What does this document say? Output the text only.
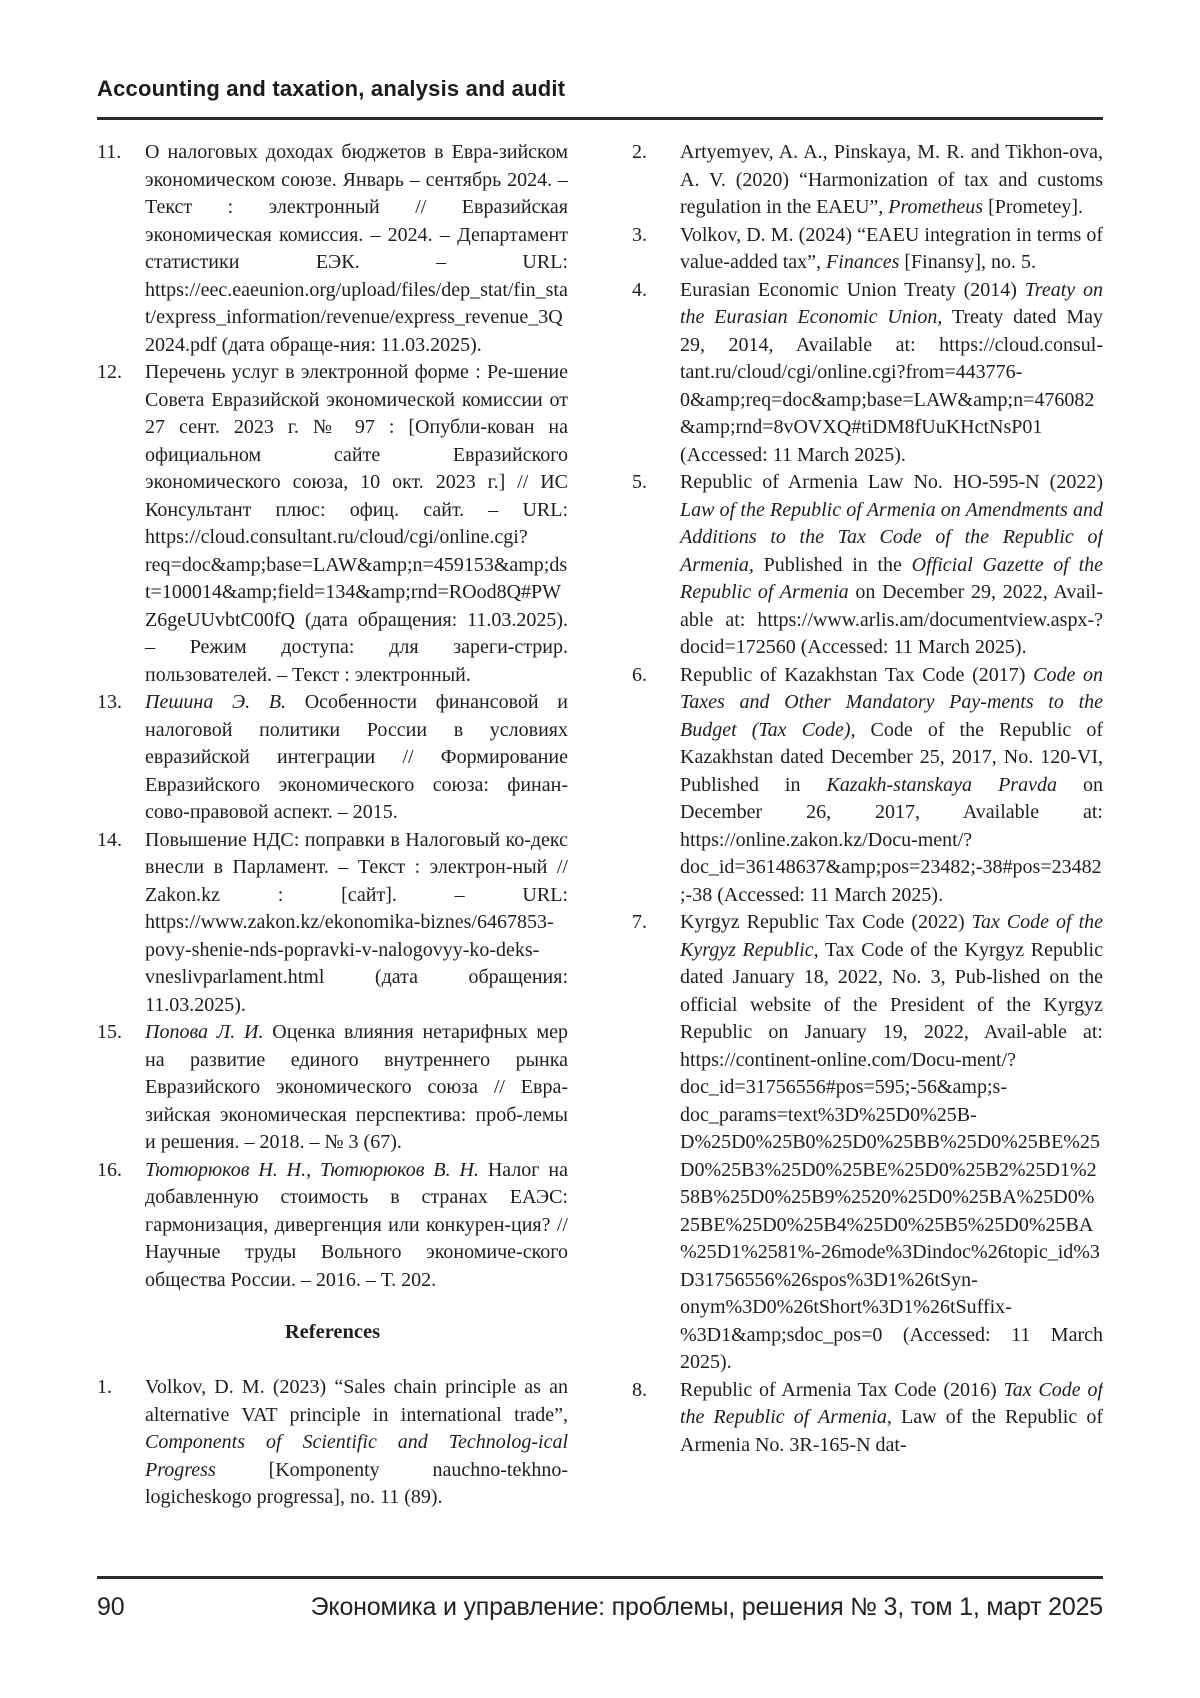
Accounting and taxation, analysis and audit
11.	О налоговых доходах бюджетов в Евра-зийском экономическом союзе. Январь – сентябрь 2024. – Текст : электронный // Евразийская экономическая комиссия. – 2024. – Департамент статистики ЕЭК. – URL: https://eec.eaeunion.org/upload/files/dep_stat/fin_stat/express_information/revenue/express_revenue_3Q2024.pdf (дата обраще-ния: 11.03.2025).
12.	Перечень услуг в электронной форме : Ре-шение Совета Евразийской экономической комиссии от 27 сент. 2023 г. № 97 : [Опубли-кован на официальном сайте Евразийского экономического союза, 10 окт. 2023 г.] // ИС Консультант плюс: офиц. сайт. – URL: https://cloud.consultant.ru/cloud/cgi/online.cgi?req=doc&amp;base=LAW&amp;n=459153&amp;dst=100014&amp;field=134&amp;rnd=ROod8Q#PWZ6geUUvbtC00fQ (дата обращения: 11.03.2025). – Режим доступа: для зареги-стрир. пользователей. – Текст : электронный.
13.	Пешина Э. В. Особенности финансовой и налоговой политики России в условиях евразийской интеграции // Формирование Евразийского экономического союза: финан-сово-правовой аспект. – 2015.
14.	Повышение НДС: поправки в Налоговый ко-декс внесли в Парламент. – Текст : электрон-ный // Zakon.kz : [сайт]. – URL: https://www.zakon.kz/ekonomika-biznes/6467853-povy-shenie-nds-popravki-v-nalogovyy-ko-deks-vneslivparlament.html (дата обращения: 11.03.2025).
15.	Попова Л. И. Оценка влияния нетарифных мер на развитие единого внутреннего рынка Евразийского экономического союза // Евра-зийская экономическая перспектива: проб-лемы и решения. – 2018. – № 3 (67).
16.	Тютюрюков Н. Н., Тютюрюков В. Н. Налог на добавленную стоимость в странах ЕАЭС: гармонизация, дивергенция или конкурен-ция? // Научные труды Вольного экономиче-ского общества России. – 2016. – Т. 202.
References
1.	Volkov, D. M. (2023) “Sales chain principle as an alternative VAT principle in international trade”, Components of Scientific and Technolog-ical Progress [Komponenty nauchno-tekhno-logicheskogo progressa], no. 11 (89).
2.	Artyemyev, A. A., Pinskaya, M. R. and Tikhon-ova, A. V. (2020) “Harmonization of tax and customs regulation in the EAEU”, Prometheus [Prometey].
3.	Volkov, D. M. (2024) “EAEU integration in terms of value-added tax”, Finances [Finansy], no. 5.
4.	Eurasian Economic Union Treaty (2014) Treaty on the Eurasian Economic Union, Treaty dated May 29, 2014, Available at: https://cloud.consul-tant.ru/cloud/cgi/online.cgi?from=443776-0&amp;req=doc&amp;base=LAW&amp;n=476082&amp;rnd=8vOVXQ#tiDM8fUuKHctNsP01 (Accessed: 11 March 2025).
5.	Republic of Armenia Law No. HO-595-N (2022) Law of the Republic of Armenia on Amendments and Additions to the Tax Code of the Republic of Armenia, Published in the Official Gazette of the Republic of Armenia on December 29, 2022, Avail-able at: https://www.arlis.am/documentview.aspx-?docid=172560 (Accessed: 11 March 2025).
6.	Republic of Kazakhstan Tax Code (2017) Code on Taxes and Other Mandatory Pay-ments to the Budget (Tax Code), Code of the Republic of Kazakhstan dated December 25, 2017, No. 120-VI, Published in Kazakh-stanskaya Pravda on December 26, 2017, Available at: https://online.zakon.kz/Docu-ment/?doc_id=36148637&amp;pos=23482;-38#pos=23482;-38 (Accessed: 11 March 2025).
7.	Kyrgyz Republic Tax Code (2022) Tax Code of the Kyrgyz Republic, Tax Code of the Kyrgyz Republic dated January 18, 2022, No. 3, Pub-lished on the official website of the President of the Kyrgyz Republic on January 19, 2022, Avail-able at: https://continent-online.com/Docu-ment/?doc_id=31756556#pos=595;-56&amp;s-doc_params=text%3D%25D0%25B-D%25D0%25B0%25D0%25BB%25D0%25BE%25D0%25B3%25D0%25BE%25D0%25B2%25D1%258B%25D0%25B9%2520%25D0%25BA%25D0%25BE%25D0%25B4%25D0%25B5%25D0%25BA%25D1%2581%-26mode%3Dindoc%26topic_id%3D31756556%26spos%3D1%26tSyn-onym%3D0%26tShort%3D1%26tSuffix-%3D1&amp;sdoc_pos=0 (Accessed: 11 March 2025).
8.	Republic of Armenia Tax Code (2016) Tax Code of the Republic of Armenia, Law of the Republic of Armenia No. 3R-165-N dat-
90	Экономика и управление: проблемы, решения № 3, том 1, март 2025
